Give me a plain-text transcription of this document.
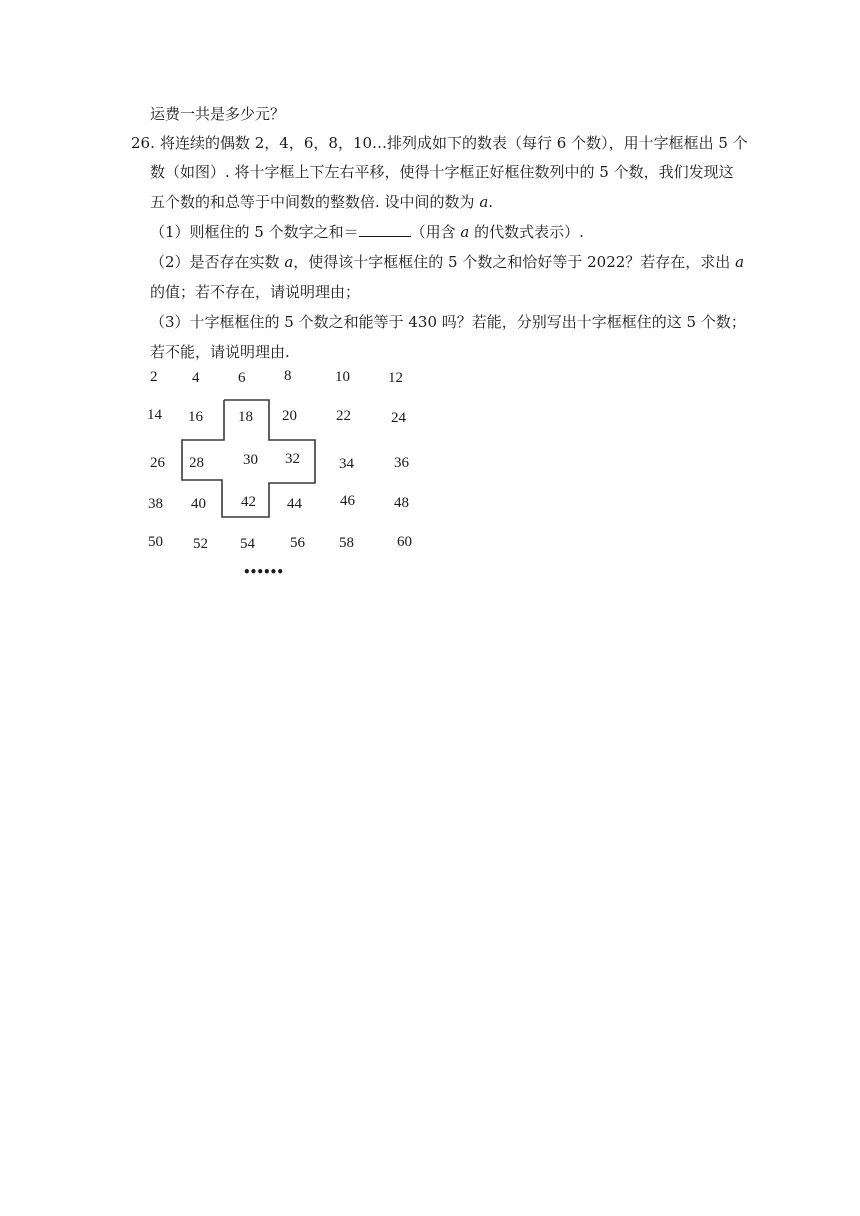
运费一共是多少元？
26. 将连续的偶数 2，4，6，8，10…排列成如下的数表（每行 6 个数），用十字框框出 5 个
数（如图）. 将十字框上下左右平移，使得十字框正好框住数列中的 5 个数，我们发现这
五个数的和总等于中间数的整数倍. 设中间的数为 a.
（1）则框住的 5 个数字之和＝	（用含 a 的代数式表示）.
（2）是否存在实数 a，使得该十字框框住的 5 个数之和恰好等于 2022？若存在，求出 a
的值；若不存在，请说明理由；
（3）十字框框住的 5 个数之和能等于 430 吗？若能，分别写出十字框框住的这 5 个数；
若不能，请说明理由.
2 4	6	8	10	12
14 16 18 20	22	24
26 28	30 32	34	36
38 40 42 44	46	48
50 52 54 56 58	60
••••••
